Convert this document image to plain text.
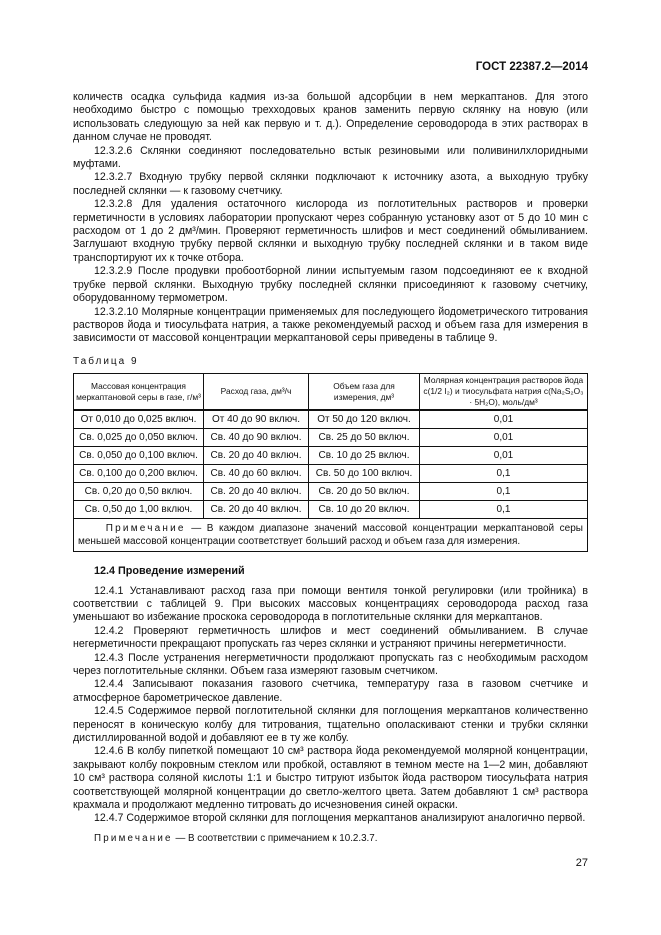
ГОСТ 22387.2—2014

количеств осадка сульфида кадмия из-за большой адсорбции в нем меркаптанов. Для этого необходимо быстро с помощью трехходовых кранов заменить первую склянку на новую (или использовать следующую за ней как первую и т. д.). Определение сероводорода в этих растворах в данном случае не проводят.

12.3.2.6 Склянки соединяют последовательно встык резиновыми или поливинилхлоридными муфтами.

12.3.2.7 Входную трубку первой склянки подключают к источнику азота, а выходную трубку последней склянки — к газовому счетчику.

12.3.2.8 Для удаления остаточного кислорода из поглотительных растворов и проверки герметичности в условиях лаборатории пропускают через собранную установку азот от 5 до 10 мин с расходом от 1 до 2 дм³/мин. Проверяют герметичность шлифов и мест соединений обмыливанием. Заглушают входную трубку первой склянки и выходную трубку последней склянки и в таком виде транспортируют их к точке отбора.

12.3.2.9 После продувки пробоотборной линии испытуемым газом подсоединяют ее к входной трубке первой склянки. Выходную трубку последней склянки присоединяют к газовому счетчику, оборудованному термометром.

12.3.2.10 Молярные концентрации применяемых для последующего йодометрического титрования растворов йода и тиосульфата натрия, а также рекомендуемый расход и объем газа для измерения в зависимости от массовой концентрации меркаптановой серы приведены в таблице 9.

Таблица 9

Массовая концентрация меркаптановой серы в газе, г/м³	Расход газа, дм³/ч	Объем газа для измерения, дм³	Молярная концентрация растворов йода c(1/2 I₂) и тиосульфата натрия c(Na₂S₂O₃ · 5H₂O), моль/дм³
От 0,010 до 0,025 включ.	От 40 до 90 включ.	От 50 до 120 включ.	0,01
Св. 0,025 до 0,050 включ.	Св. 40 до 90 включ.	Св. 25 до 50 включ.	0,01
Св. 0,050 до 0,100 включ.	Св. 20 до 40 включ.	Св. 10 до 25 включ.	0,01
Св. 0,100 до 0,200 включ.	Св. 40 до 60 включ.	Св. 50 до 100 включ.	0,1
Св. 0,20 до 0,50 включ.	Св. 20 до 40 включ.	Св. 20 до 50 включ.	0,1
Св. 0,50 до 1,00 включ.	Св. 20 до 40 включ.	Св. 10 до 20 включ.	0,1
Примечание — В каждом диапазоне значений массовой концентрации меркаптановой серы меньшей массовой концентрации соответствует больший расход и объем газа для измерения.			
12.4 Проведение измерений

12.4.1 Устанавливают расход газа при помощи вентиля тонкой регулировки (или тройника) в соответствии с таблицей 9. При высоких массовых концентрациях сероводорода расход газа уменьшают во избежание проскока сероводорода в поглотительные склянки для меркаптанов.

12.4.2 Проверяют герметичность шлифов и мест соединений обмыливанием. В случае негерметичности прекращают пропускать газ через склянки и устраняют причины негерметичности.

12.4.3 После устранения негерметичности продолжают пропускать газ с необходимым расходом через поглотительные склянки. Объем газа измеряют газовым счетчиком.

12.4.4 Записывают показания газового счетчика, температуру газа в газовом счетчике и атмосферное барометрическое давление.

12.4.5 Содержимое первой поглотительной склянки для поглощения меркаптанов количественно переносят в коническую колбу для титрования, тщательно ополаскивают стенки и трубки склянки дистиллированной водой и добавляют ее в ту же колбу.

12.4.6 В колбу пипеткой помещают 10 см³ раствора йода рекомендуемой молярной концентрации, закрывают колбу покровным стеклом или пробкой, оставляют в темном месте на 1—2 мин, добавляют 10 см³ раствора соляной кислоты 1:1 и быстро титруют избыток йода раствором тиосульфата натрия соответствующей молярной концентрации до светло-желтого цвета. Затем добавляют 1 см³ раствора крахмала и продолжают медленно титровать до исчезновения синей окраски.

12.4.7 Содержимое второй склянки для поглощения меркаптанов анализируют аналогично первой.

Примечание — В соответствии с примечанием к 10.2.3.7.

27
